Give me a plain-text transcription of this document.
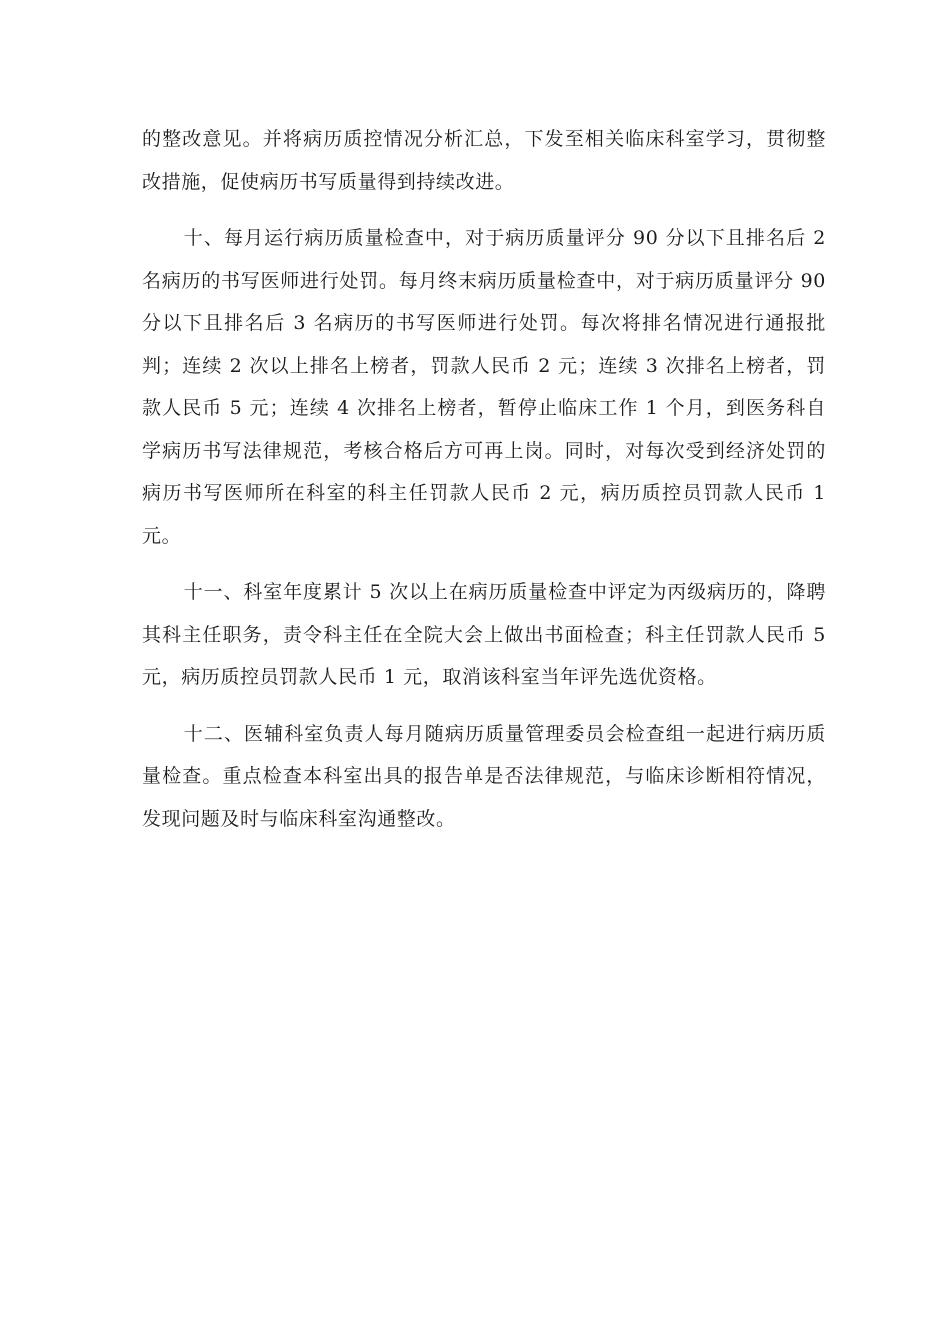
的整改意见。并将病历质控情况分析汇总，下发至相关临床科室学习，贯彻整改措施，促使病历书写质量得到持续改进。

十、每月运行病历质量检查中，对于病历质量评分 90 分以下且排名后 2 名病历的书写医师进行处罚。每月终末病历质量检查中，对于病历质量评分 90 分以下且排名后 3 名病历的书写医师进行处罚。每次将排名情况进行通报批判；连续 2 次以上排名上榜者，罚款人民币 2 元；连续 3 次排名上榜者，罚款人民币 5 元；连续 4 次排名上榜者，暂停止临床工作 1 个月，到医务科自学病历书写法律规范，考核合格后方可再上岗。同时，对每次受到经济处罚的病历书写医师所在科室的科主任罚款人民币 2 元，病历质控员罚款人民币 1 元。

十一、科室年度累计 5 次以上在病历质量检查中评定为丙级病历的，降聘其科主任职务，责令科主任在全院大会上做出书面检查；科主任罚款人民币 5 元，病历质控员罚款人民币 1 元，取消该科室当年评先选优资格。

十二、医辅科室负责人每月随病历质量管理委员会检查组一起进行病历质量检查。重点检查本科室出具的报告单是否法律规范，与临床诊断相符情况，发现问题及时与临床科室沟通整改。
